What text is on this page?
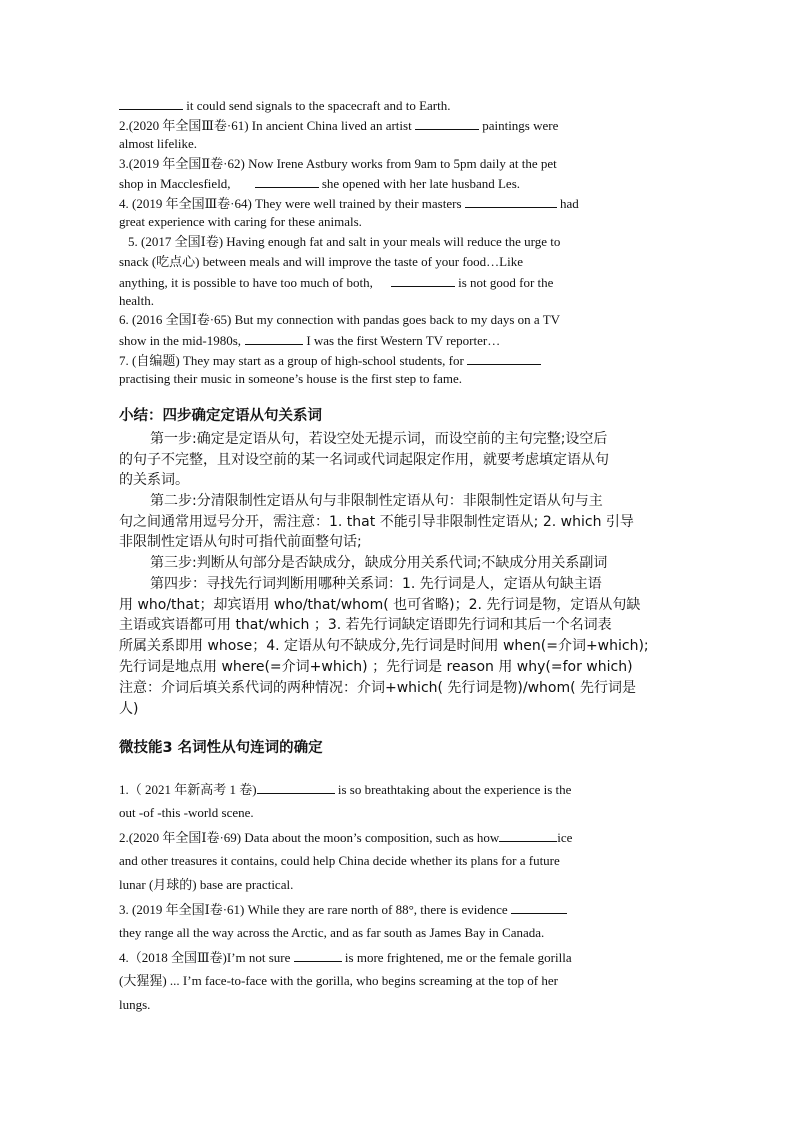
it could send signals to the spacecraft and to Earth.
2.(2020 年全国Ⅲ卷·61) In ancient China lived an artist	paintings were
almost lifelike.
3.(2019 年全国Ⅱ卷·62) Now Irene Astbury works from 9am to 5pm daily at the pet
shop in Macclesfield,	she opened with her late husband Les.
4. (2019 年全国Ⅲ卷·64) They were well trained by their masters	had
great experience with caring for these animals.
5. (2017 全国Ⅰ卷) Having enough fat and salt in your meals will reduce the urge to
snack (吃点心) between meals and will improve the taste of your food…Like
anything, it is possible to have too much of both,	is not good for the
health.
6. (2016 全国Ⅰ卷·65) But my connection with pandas goes back to my days on a TV
show in the mid-1980s,	I was the first Western TV reporter…
7. (自编题) They may start as a group of high-school students, for
practising their music in someone’s house is the first step to fame.
小结：四步确定定语从句关系词
第一步:确定是定语从句，若设空处无提示词，而设空前的主句完整;设空后
的句子不完整，且对设空前的某一名词或代词起限定作用，就要考虑填定语从句
的关系词。
第二步:分清限制性定语从句与非限制性定语从句：非限制性定语从句与主
句之间通常用逗号分开，需注意：1. that 不能引导非限制性定语从; 2. which 引导
非限制性定语从句时可指代前面整句话;
第三步:判断从句部分是否缺成分，缺成分用关系代词;不缺成分用关系副词
第四步：寻找先行词判断用哪种关系词：1. 先行词是人，定语从句缺主语
用 who/that；却宾语用 who/that/whom( 也可省略)；2. 先行词是物，定语从句缺
主语或宾语都可用 that/which ；3. 若先行词缺定语即先行词和其后一个名词表
所属关系即用 whose；4. 定语从句不缺成分,先行词是时间用 when(=介词+which);
先行词是地点用 where(=介词+which) ；先行词是 reason 用 why(=for which)
注意：介词后填关系代词的两种情况：介词+which( 先行词是物)/whom( 先行词是
人)
微技能3 名词性从句连词的确定
1.（ 2021 年新高考 1 卷)	is so breathtaking about the experience is the
out -of -this -world scene.
2.(2020 年全国Ⅰ卷·69) Data about the moon’s composition, such as how	ice
and other treasures it contains, could help China decide whether its plans for a future
lunar (月球的) base are practical.
3. (2019 年全国Ⅰ卷·61) While they are rare north of 88°, there is evidence
they range all the way across the Arctic, and as far south as James Bay in Canada.
4.（2018 全国Ⅲ卷)I’m not sure	is more frightened, me or the female gorilla
(大猩猩) ... I’m face-to-face with the gorilla, who begins screaming at the top of her
lungs.
